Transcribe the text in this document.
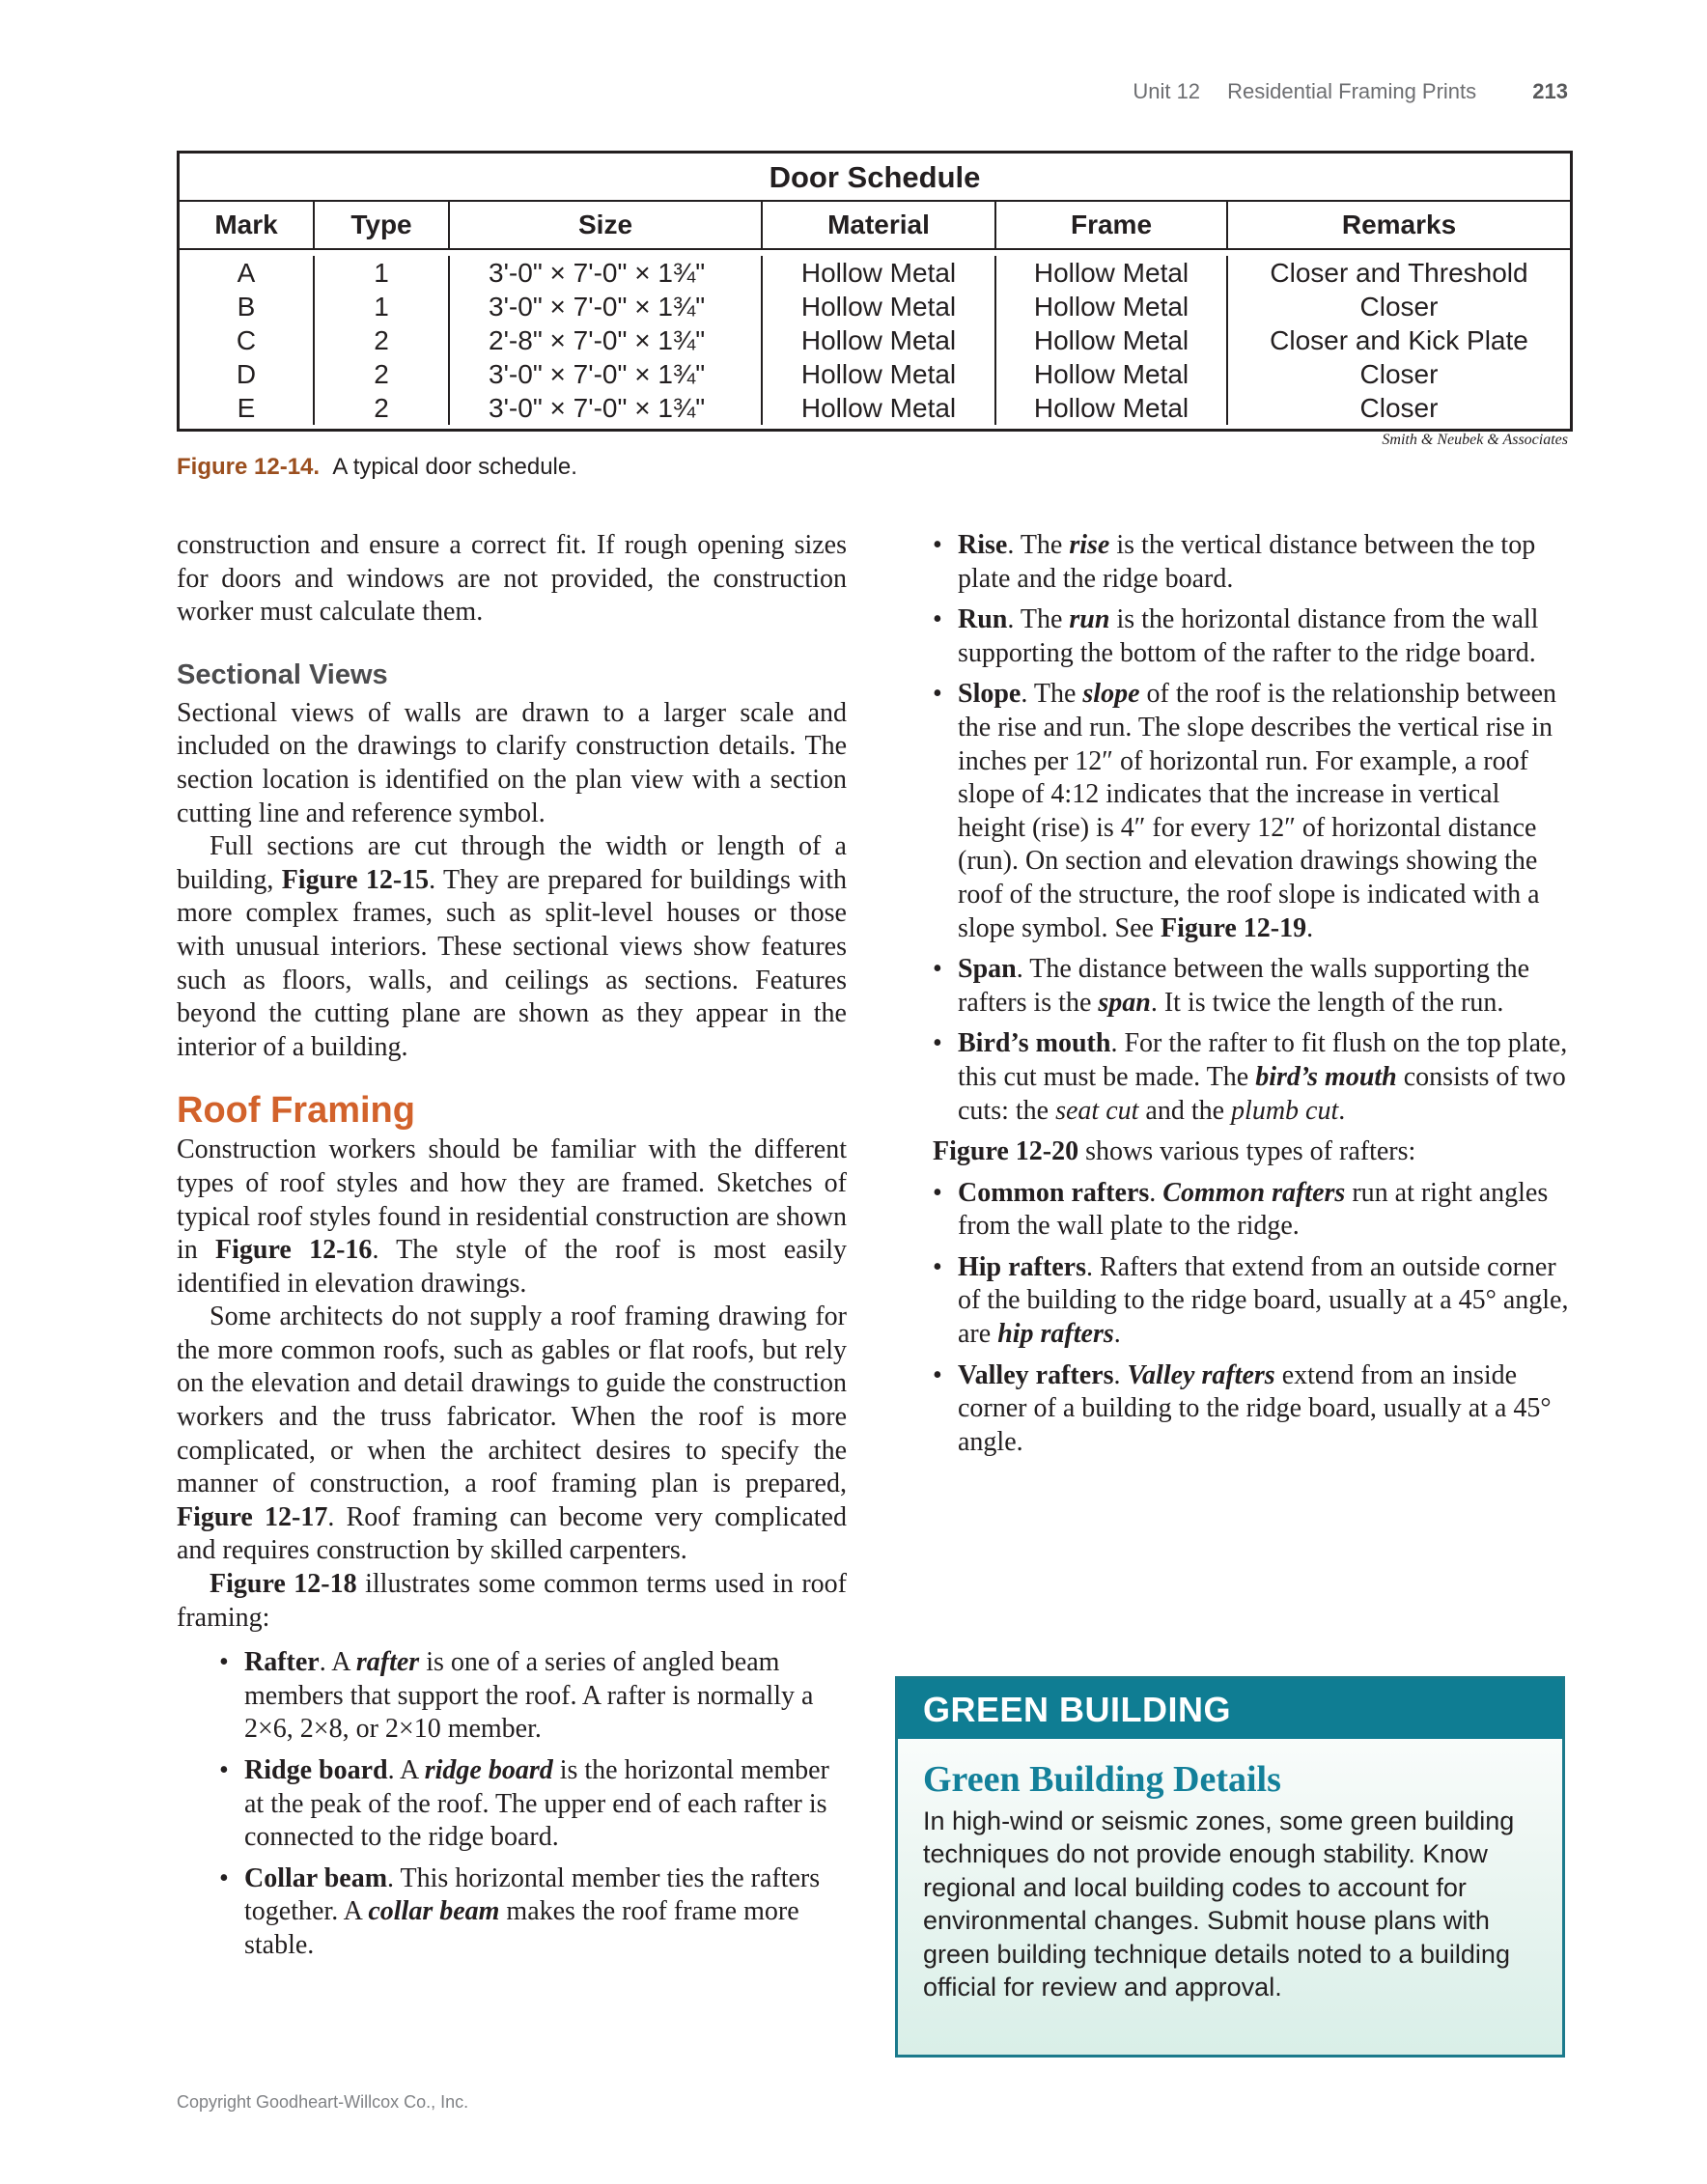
Unit 12 Residential Framing Prints	213
Door Schedule
Mark	Type	Size	Material	Frame	Remarks
A	1	3'-0" × 7'-0" × 1¾"	Hollow Metal	Hollow Metal	Closer and Threshold
B	1	3'-0" × 7'-0" × 1¾"	Hollow Metal	Hollow Metal	Closer
C	2	2'-8" × 7'-0" × 1¾"	Hollow Metal	Hollow Metal	Closer and Kick Plate
D	2	3'-0" × 7'-0" × 1¾"	Hollow Metal	Hollow Metal	Closer
E	2	3'-0" × 7'-0" × 1¾"	Hollow Metal	Hollow Metal	Closer
Smith & Neubek & Associates
Figure 12-14. A typical door schedule.

construction and ensure a correct fit. If rough opening sizes for doors and windows are not provided, the construction worker must calculate them.

Sectional Views

Sectional views of walls are drawn to a larger scale and included on the drawings to clarify construction details. The section location is identified on the plan view with a section cutting line and reference symbol.

Full sections are cut through the width or length of a building, Figure 12-15. They are prepared for buildings with more complex frames, such as split-level houses or those with unusual interiors. These sectional views show features such as floors, walls, and ceilings as sections. Features beyond the cutting plane are shown as they appear in the interior of a building.

Roof Framing

Construction workers should be familiar with the different types of roof styles and how they are framed. Sketches of typical roof styles found in residential construction are shown in Figure 12-16. The style of the roof is most easily identified in elevation drawings.

Some architects do not supply a roof framing drawing for the more common roofs, such as gables or flat roofs, but rely on the elevation and detail drawings to guide the construction workers and the truss fabricator. When the roof is more complicated, or when the architect desires to specify the manner of construction, a roof framing plan is prepared, Figure 12-17. Roof framing can become very complicated and requires construction by skilled carpenters.

Figure 12-18 illustrates some common terms used in roof framing:

• Rafter. A rafter is one of a series of angled beam members that support the roof. A rafter is normally a 2×6, 2×8, or 2×10 member.
• Ridge board. A ridge board is the horizontal member at the peak of the roof. The upper end of each rafter is connected to the ridge board.
• Collar beam. This horizontal member ties the rafters together. A collar beam makes the roof frame more stable.
• Rise. The rise is the vertical distance between the top plate and the ridge board.
• Run. The run is the horizontal distance from the wall supporting the bottom of the rafter to the ridge board.
• Slope. The slope of the roof is the relationship between the rise and run. The slope describes the vertical rise in inches per 12″ of horizontal run. For example, a roof slope of 4:12 indicates that the increase in vertical height (rise) is 4″ for every 12″ of horizontal distance (run). On section and elevation drawings showing the roof of the structure, the roof slope is indicated with a slope symbol. See Figure 12-19.
• Span. The distance between the walls supporting the rafters is the span. It is twice the length of the run.
• Bird’s mouth. For the rafter to fit flush on the top plate, this cut must be made. The bird’s mouth consists of two cuts: the seat cut and the plumb cut.

Figure 12-20 shows various types of rafters:

• Common rafters. Common rafters run at right angles from the wall plate to the ridge.
• Hip rafters. Rafters that extend from an outside corner of the building to the ridge board, usually at a 45° angle, are hip rafters.
• Valley rafters. Valley rafters extend from an inside corner of a building to the ridge board, usually at a 45° angle.
GREEN BUILDING
Green Building Details

In high-wind or seismic zones, some green building techniques do not provide enough stability. Know regional and local building codes to account for environmental changes. Submit house plans with green building technique details noted to a building official for review and approval.

Copyright Goodheart-Willcox Co., Inc.
